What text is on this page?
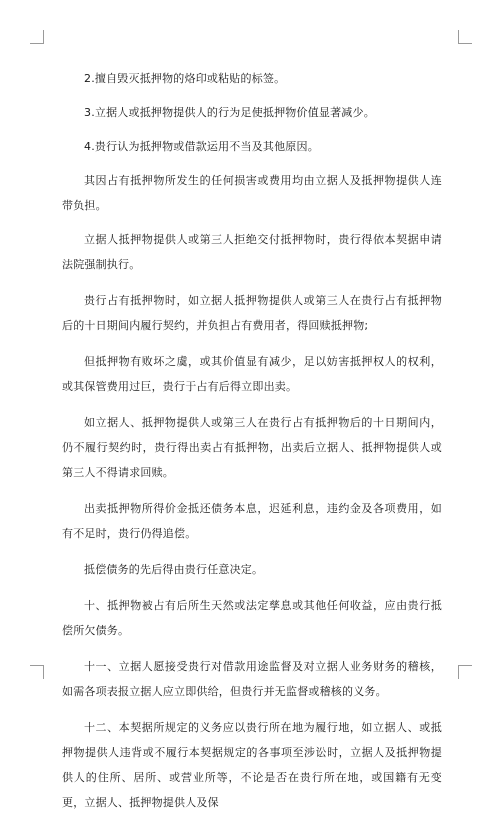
2.擅自毁灭抵押物的烙印或粘贴的标签。

3.立据人或抵押物提供人的行为足使抵押物价值显著减少。

4.贵行认为抵押物或借款运用不当及其他原因。

其因占有抵押物所发生的任何损害或费用均由立据人及抵押物提供人连带负担。

立据人抵押物提供人或第三人拒绝交付抵押物时，贵行得依本契据申请法院强制执行。

贵行占有抵押物时，如立据人抵押物提供人或第三人在贵行占有抵押物后的十日期间内履行契约，并负担占有费用者，得回赎抵押物;

但抵押物有败坏之虞，或其价值显有减少，足以妨害抵押权人的权利，或其保管费用过巨，贵行于占有后得立即出卖。

如立据人、抵押物提供人或第三人在贵行占有抵押物后的十日期间内，仍不履行契约时，贵行得出卖占有抵押物，出卖后立据人、抵押物提供人或第三人不得请求回赎。

出卖抵押物所得价金抵还债务本息，迟延利息，违约金及各项费用，如有不足时，贵行仍得追偿。

抵偿债务的先后得由贵行任意决定。

十、抵押物被占有后所生天然或法定孳息或其他任何收益，应由贵行抵偿所欠债务。

十一、立据人愿接受贵行对借款用途监督及对立据人业务财务的稽核，如需各项表报立据人应立即供给，但贵行并无监督或稽核的义务。

十二、本契据所规定的义务应以贵行所在地为履行地，如立据人、或抵押物提供人违背或不履行本契据规定的各事项至涉讼时，立据人及抵押物提供人的住所、居所、或营业所等，不论是否在贵行所在地，或国籍有无变更，立据人、抵押物提供人及保
